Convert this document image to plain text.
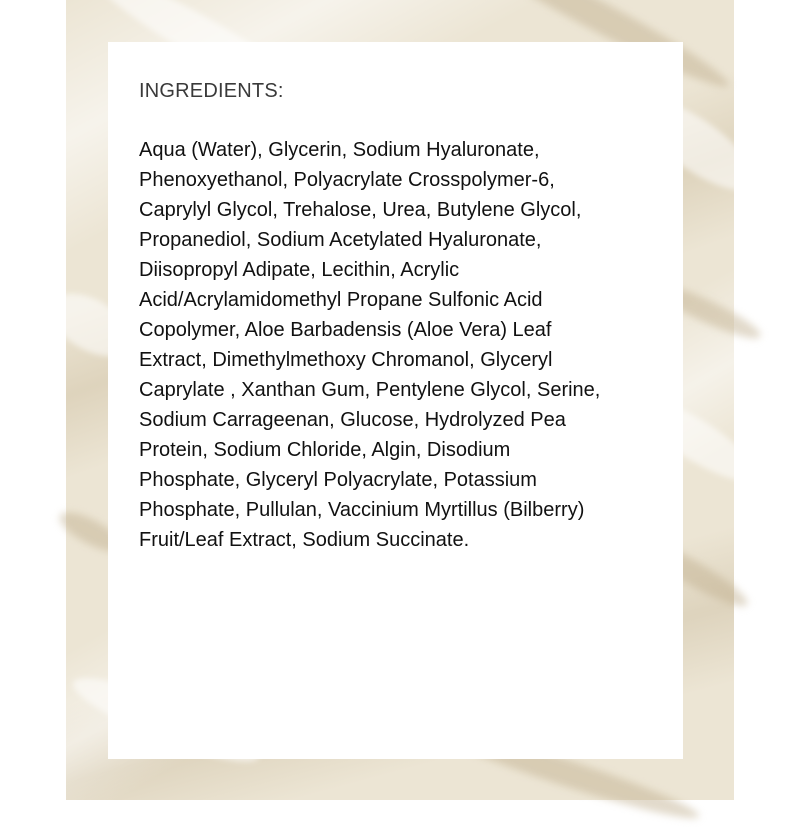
INGREDIENTS:
Aqua (Water), Glycerin, Sodium Hyaluronate,
Phenoxyethanol, Polyacrylate Crosspolymer-6,
Caprylyl Glycol, Trehalose, Urea, Butylene Glycol,
Propanediol, Sodium Acetylated Hyaluronate,
Diisopropyl Adipate, Lecithin, Acrylic
Acid/Acrylamidomethyl Propane Sulfonic Acid
Copolymer, Aloe Barbadensis (Aloe Vera) Leaf
Extract, Dimethylmethoxy Chromanol, Glyceryl
Caprylate , Xanthan Gum, Pentylene Glycol, Serine,
Sodium Carrageenan, Glucose, Hydrolyzed Pea
Protein, Sodium Chloride, Algin, Disodium
Phosphate, Glyceryl Polyacrylate, Potassium
Phosphate, Pullulan, Vaccinium Myrtillus (Bilberry)
Fruit/Leaf Extract, Sodium Succinate.
